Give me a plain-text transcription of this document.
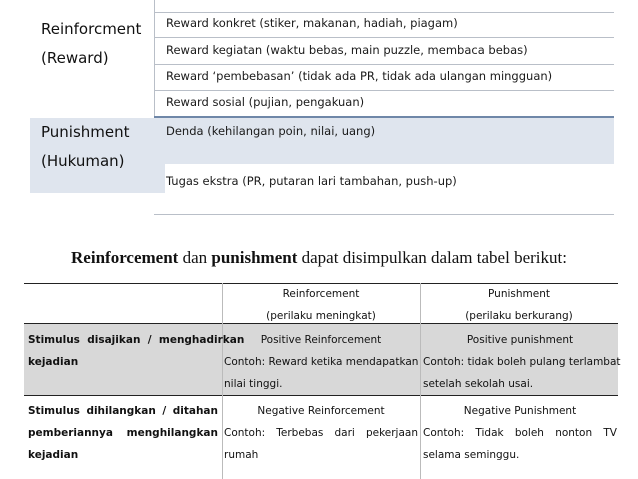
Reinforcment
(Reward)
Reward konkret (stiker, makanan, hadiah, piagam)
Reward kegiatan (waktu bebas, main puzzle, membaca bebas)
Reward ‘pembebasan’ (tidak ada PR, tidak ada ulangan mingguan)
Reward sosial (pujian, pengakuan)
Punishment
(Hukuman)
Denda (kehilangan poin, nilai, uang)
Tugas ekstra (PR, putaran lari tambahan, push-up)
Reinforcement dan punishment dapat disimpulkan dalam tabel berikut:
Reinforcement
(perilaku meningkat)
Punishment
(perilaku berkurang)
Stimulus  disajikan  /  menghadirkan
kejadian
Positive Reinforcement
Contoh: Reward ketika mendapatkan
nilai tinggi.
Positive punishment
Contoh: tidak boleh pulang terlambat
setelah sekolah usai.
Stimulus dihilangkan / ditahan
pemberiannya menghilangkan
kejadian
Negative Reinforcement
Contoh: Terbebas dari pekerjaan
rumah
Negative Punishment
Contoh: Tidak boleh nonton TV
selama seminggu.
